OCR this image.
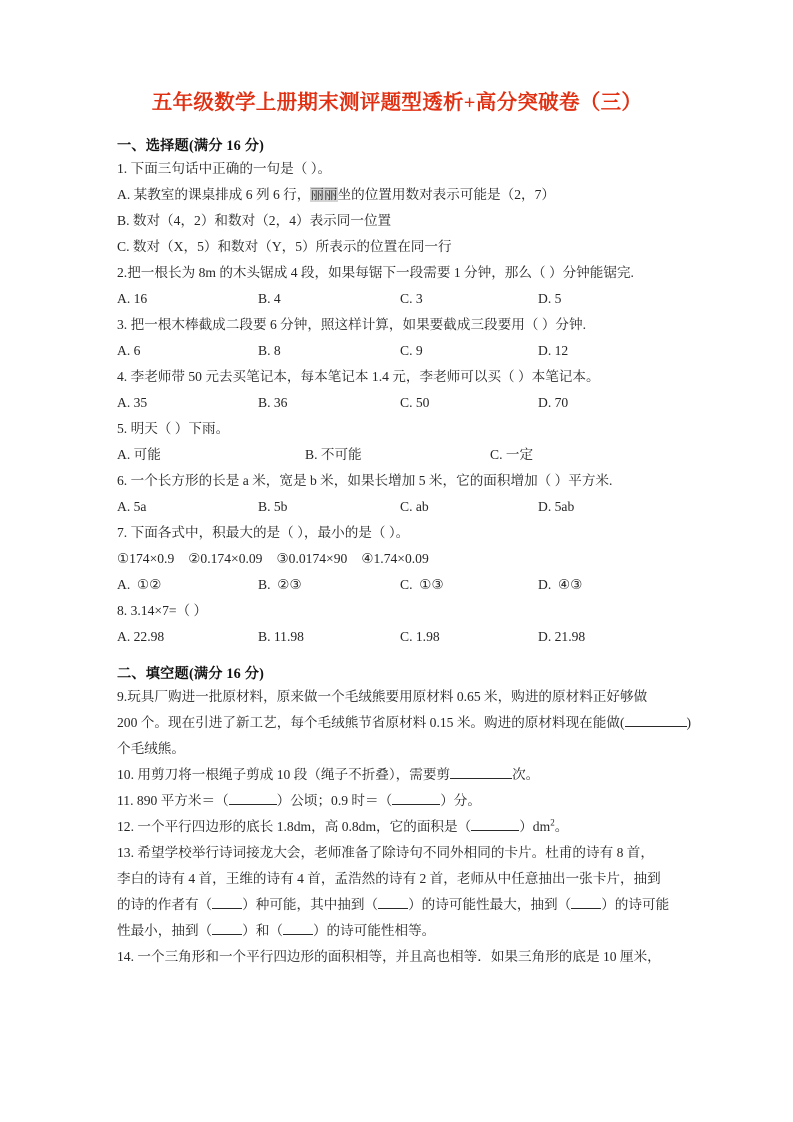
五年级数学上册期末测评题型透析+高分突破卷（三）
一、选择题(满分 16 分)
1. 下面三句话中正确的一句是（ ）。
A. 某教室的课桌排成 6 列 6 行，丽丽坐的位置用数对表示可能是（2，7）
B. 数对（4，2）和数对（2，4）表示同一位置
C. 数对（X，5）和数对（Y，5）所表示的位置在同一行
2.把一根长为 8m 的木头锯成 4 段，如果每锯下一段需要 1 分钟，那么（ ）分钟能锯完.
A. 16	B. 4	C. 3	D. 5
3. 把一根木棒截成二段要 6 分钟，照这样计算，如果要截成三段要用（ ）分钟.
A. 6	B. 8	C. 9	D. 12
4. 李老师带 50 元去买笔记本，每本笔记本 1.4 元，李老师可以买（ ）本笔记本。
A. 35	B. 36	C. 50	D. 70
5. 明天（ ）下雨。
A. 可能	B. 不可能	C. 一定
6. 一个长方形的长是 a 米，宽是 b 米，如果长增加 5 米，它的面积增加（ ）平方米.
A. 5a	B. 5b	C. ab	D. 5ab
7. 下面各式中，积最大的是（ ），最小的是（ ）。
①174×0.9 ②0.174×0.09 ③0.0174×90 ④1.74×0.09
A. ①②	B. ②③	C. ①③	D. ④③
8. 3.14×7=（ ）
A. 22.98	B. 11.98	C. 1.98	D. 21.98
二、填空题(满分 16 分)
9.玩具厂购进一批原材料，原来做一个毛绒熊要用原材料 0.65 米，购进的原材料正好够做
200 个。现在引进了新工艺，每个毛绒熊节省原材料 0.15 米。购进的原材料现在能做(	)
个毛绒熊。
10. 用剪刀将一根绳子剪成 10 段（绳子不折叠），需要剪	次。
11. 890 平方米＝（	）公顷；0.9 时＝（	）分。
12. 一个平行四边形的底长 1.8dm，高 0.8dm，它的面积是（	）$dm^2$。
13. 希望学校举行诗词接龙大会，老师准备了除诗句不同外相同的卡片。杜甫的诗有 8 首，
李白的诗有 4 首，王维的诗有 4 首，孟浩然的诗有 2 首，老师从中任意抽出一张卡片，抽到
的诗的作者有（ ）种可能，其中抽到（ ）的诗可能性最大，抽到（ ）的诗可能
性最小，抽到（ ）和（ ）的诗可能性相等。
14. 一个三角形和一个平行四边形的面积相等，并且高也相等．如果三角形的底是 10 厘米，
